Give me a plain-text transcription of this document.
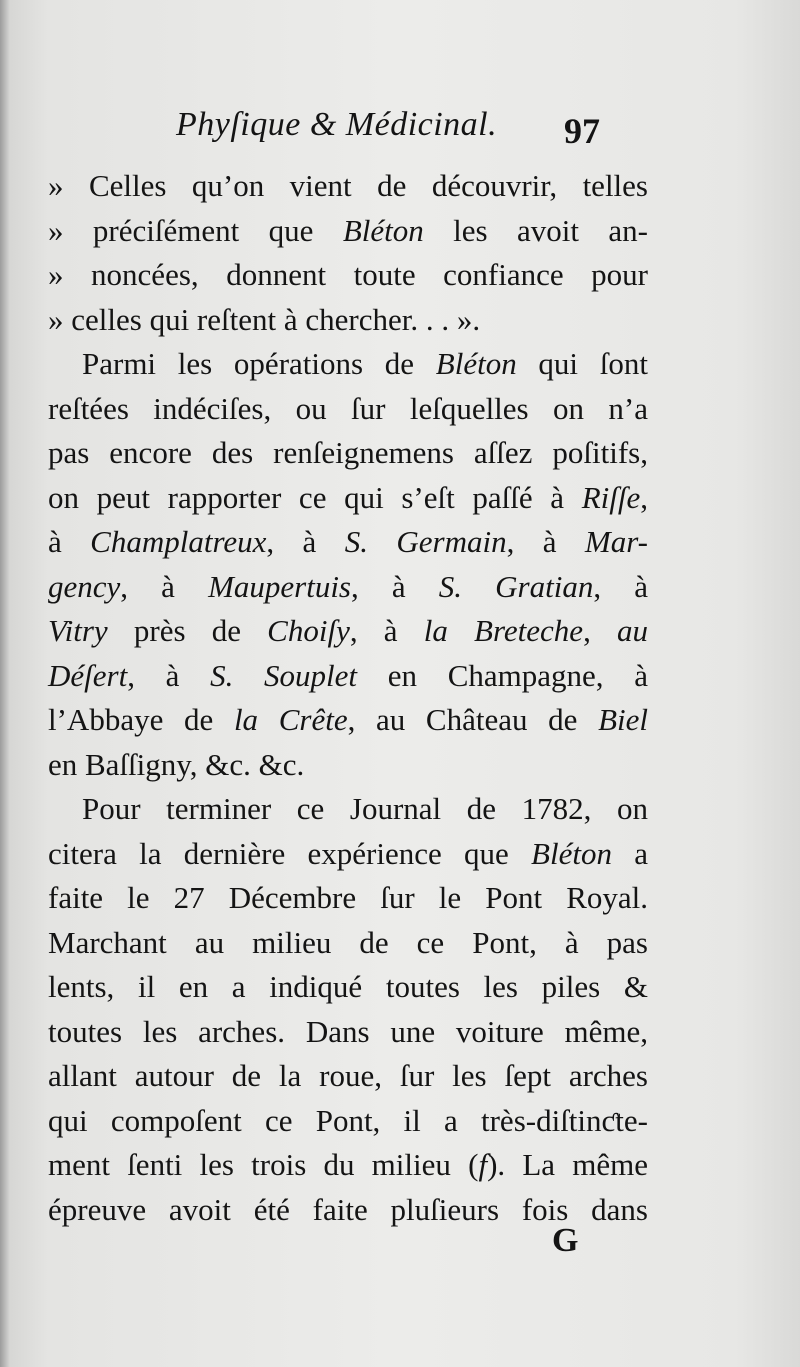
Phyſique & Médicinal. 97
» Celles qu’on vient de découvrir, telles
» préciſément que Bléton les avoit an-
» noncées, donnent toute confiance pour
» celles qui reſtent à chercher. . . ».
Parmi les opérations de Bléton qui ſont
reſtées indéciſes, ou ſur leſquelles on n’a
pas encore des renſeignemens aſſez poſitifs,
on peut rapporter ce qui s’eſt paſſé à Riſſe,
à Champlatreux, à S. Germain, à Mar-
gency, à Maupertuis, à S. Gratian, à
Vitry près de Choiſy, à la Breteche, au
Déſert, à S. Souplet en Champagne, à
l’Abbaye de la Crête, au Château de Biel
en Baſſigny, &c. &c.
Pour terminer ce Journal de 1782, on
citera la dernière expérience que Bléton a
faite le 27 Décembre ſur le Pont Royal.
Marchant au milieu de ce Pont, à pas
lents, il en a indiqué toutes les piles &
toutes les arches. Dans une voiture même,
allant autour de la roue, ſur les ſept arches
qui compoſent ce Pont, il a très-diſtinƈte-
ment ſenti les trois du milieu (f). La même
épreuve avoit été faite pluſieurs fois dans
G
